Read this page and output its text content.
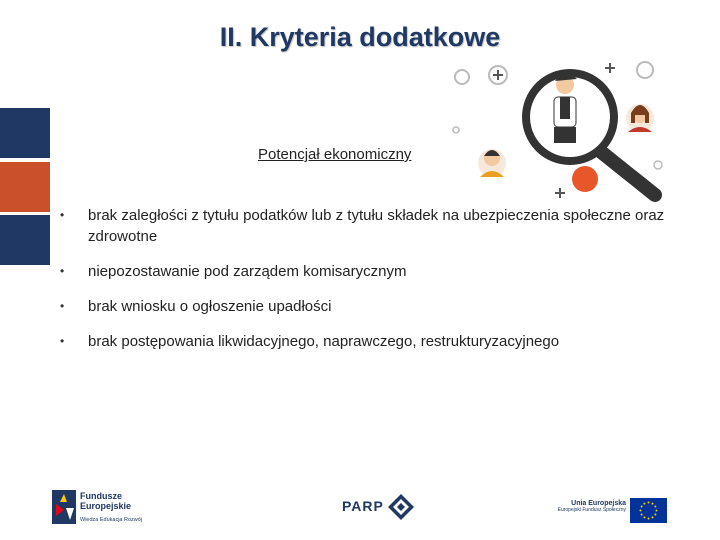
II. Kryteria dodatkowe
Potencjał ekonomiczny
• brak zaległości z tytułu podatków lub z tytułu składek na ubezpieczenia społeczne oraz zdrowotne
• niepozostawanie pod zarządem komisarycznym
• brak wniosku o ogłoszenie upadłości
• brak postępowania likwidacyjnego, naprawczego, restrukturyzacyjnego
Fundusze
Europejskie
Wiedza Edukacja Rozwój
PARP	Unia Europejska
Europejski Fundusz Społeczny
